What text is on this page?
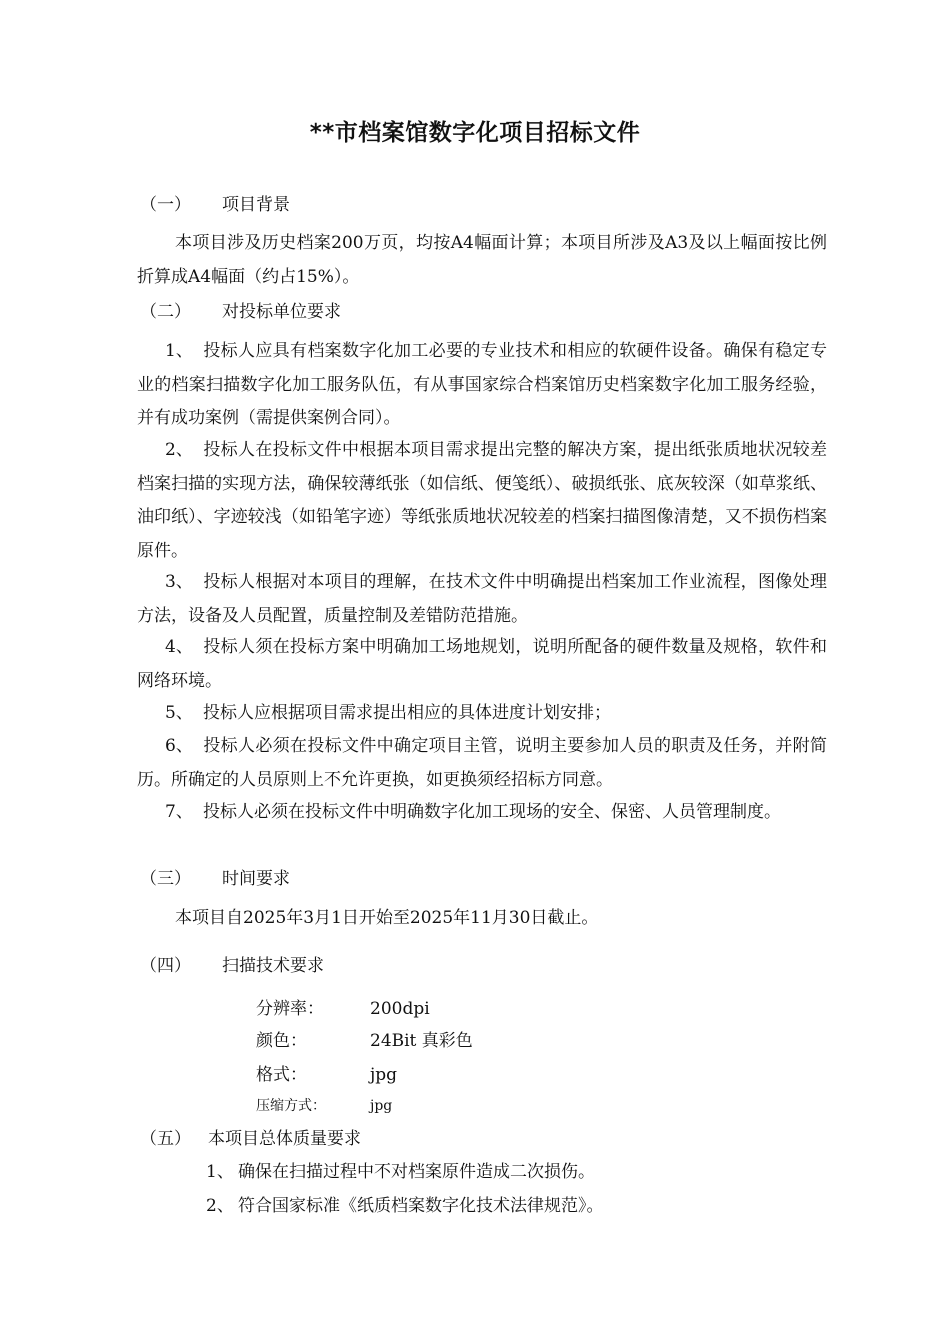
**市档案馆数字化项目招标文件
（一） 项目背景
本项目涉及历史档案200万页，均按A4幅面计算；本项目所涉及A3及以上幅面按比例折算成A4幅面（约占15%）。
（二） 对投标单位要求
1、 投标人应具有档案数字化加工必要的专业技术和相应的软硬件设备。确保有稳定专业的档案扫描数字化加工服务队伍，有从事国家综合档案馆历史档案数字化加工服务经验，并有成功案例（需提供案例合同）。
2、 投标人在投标文件中根据本项目需求提出完整的解决方案，提出纸张质地状况较差档案扫描的实现方法，确保较薄纸张（如信纸、便笺纸）、破损纸张、底灰较深（如草浆纸、油印纸）、字迹较浅（如铅笔字迹）等纸张质地状况较差的档案扫描图像清楚，又不损伤档案原件。
3、 投标人根据对本项目的理解，在技术文件中明确提出档案加工作业流程，图像处理方法，设备及人员配置，质量控制及差错防范措施。
4、 投标人须在投标方案中明确加工场地规划，说明所配备的硬件数量及规格，软件和网络环境。
5、 投标人应根据项目需求提出相应的具体进度计划安排；
6、 投标人必须在投标文件中确定项目主管，说明主要参加人员的职责及任务，并附简历。所确定的人员原则上不允许更换，如更换须经招标方同意。
7、 投标人必须在投标文件中明确数字化加工现场的安全、保密、人员管理制度。
（三） 时间要求
本项目自2025年3月1日开始至2025年11月30日截止。
（四） 扫描技术要求
分辨率：	200dpi
颜色：	24Bit 真彩色
格式：	jpg
压缩方式：	jpg
（五） 本项目总体质量要求
1、 确保在扫描过程中不对档案原件造成二次损伤。
2、 符合国家标准《纸质档案数字化技术法律规范》。
